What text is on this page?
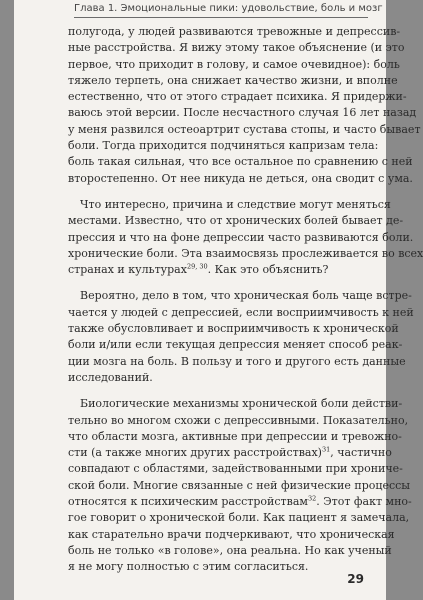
Глава 1. Эмоциональные пики: удовольствие, боль и мозг
полугода, у людей развиваются тревожные и депрессив-
ные расстройства. Я вижу этому такое объяснение (и это
первое, что приходит в голову, и самое очевидное): боль
тяжело терпеть, она снижает качество жизни, и вполне
естественно, что от этого страдает психика. Я придержи-
ваюсь этой версии. После несчастного случая 16 лет назад
у меня развился остеоартрит сустава стопы, и часто бывает
боли. Тогда приходится подчиняться капризам тела:
боль такая сильная, что все остальное по сравнению с ней
второстепенно. От нее никуда не деться, она сводит с ума.
Что интересно, причина и следствие могут меняться
местами. Известно, что от хронических болей бывает де-
прессия и что на фоне депрессии часто развиваются боли.
хронические боли. Эта взаимосвязь прослеживается во всех
странах и культурах$^{29,}$ $^{30}$. Как это объяснить?
Вероятно, дело в том, что хроническая боль чаще встре-
чается у людей с депрессией, если восприимчивость к ней
также обусловливает и восприимчивость к хронической
боли и/или если текущая депрессия меняет способ реак-
ции мозга на боль. В пользу и того и другого есть данные
исследований.
Биологические механизмы хронической боли действи-
тельно во многом схожи с депрессивными. Показательно,
что области мозга, активные при депрессии и тревожно-
сти (а также многих других расстройствах)$^{31}$, частично
совпадают с областями, задействованными при хрониче-
ской боли. Многие связанные с ней физические процессы
относятся к психическим расстройствам$^{32}$. Этот факт мно-
гое говорит о хронической боли. Как пациент я замечала,
как старательно врачи подчеркивают, что хроническая
боль не только «в голове», она реальна. Но как ученый
я не могу полностью с этим согласиться.
29
